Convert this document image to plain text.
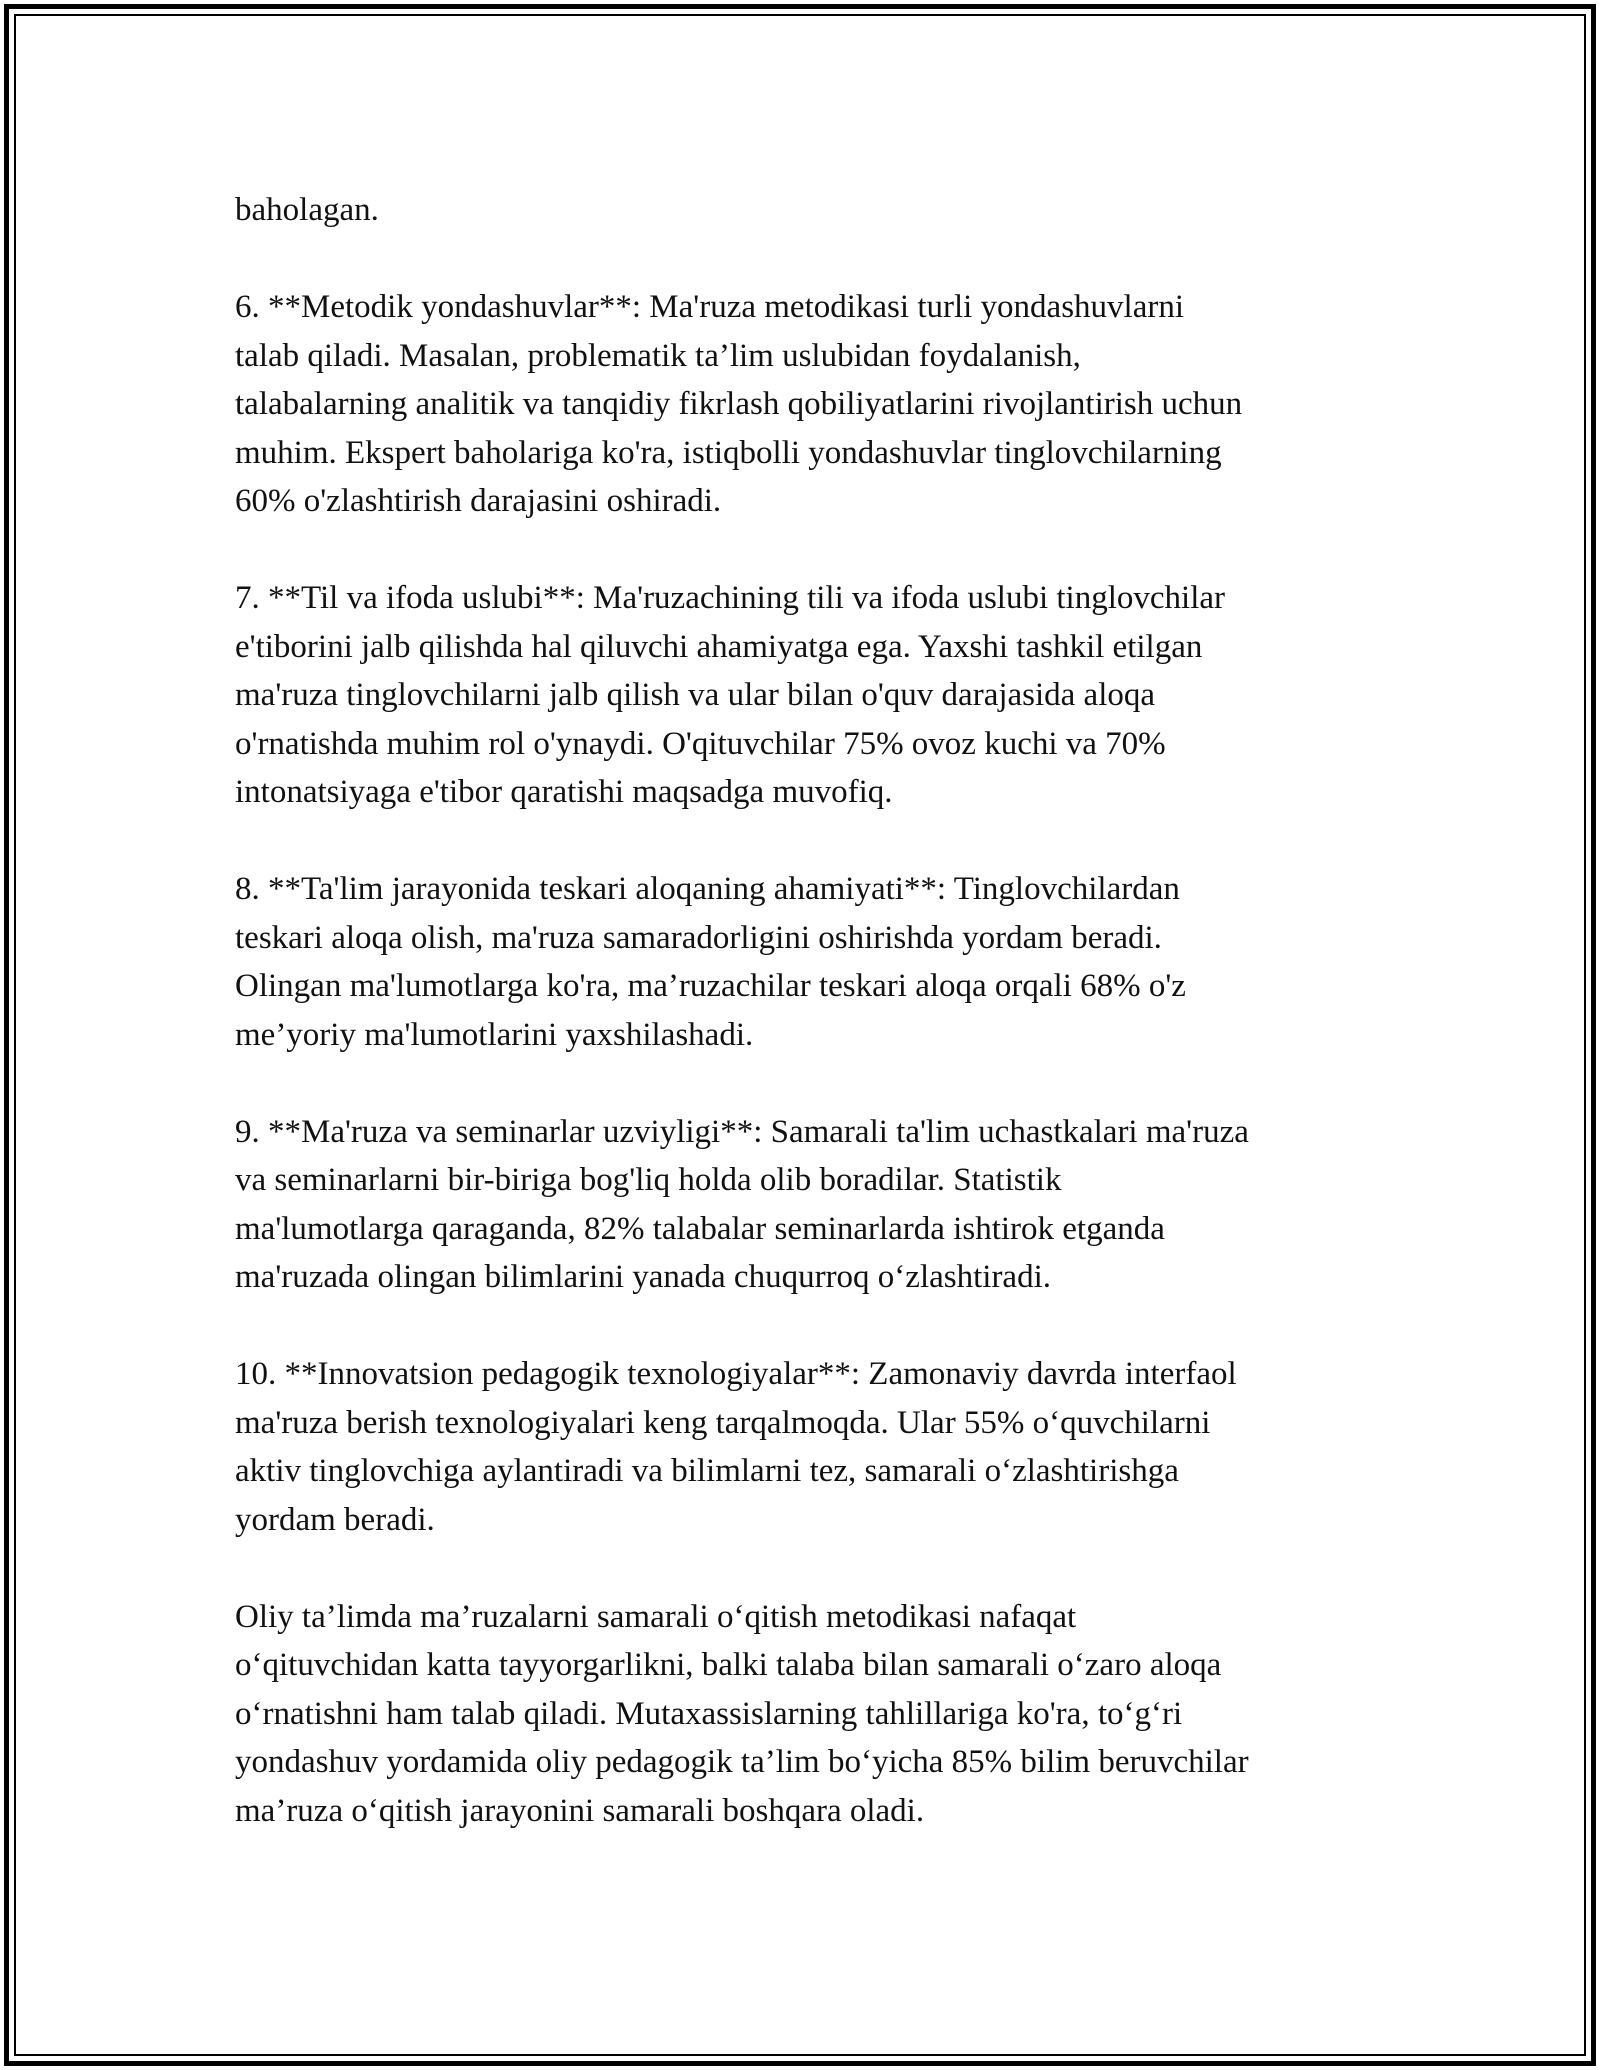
baholagan.

6. **Metodik yondashuvlar**: Ma'ruza metodikasi turli yondashuvlarni
talab qiladi. Masalan, problematik ta’lim uslubidan foydalanish,
talabalarning analitik va tanqidiy fikrlash qobiliyatlarini rivojlantirish uchun
muhim. Ekspert baholariga ko'ra, istiqbolli yondashuvlar tinglovchilarning
60% o'zlashtirish darajasini oshiradi.

7. **Til va ifoda uslubi**: Ma'ruzachining tili va ifoda uslubi tinglovchilar
e'tiborini jalb qilishda hal qiluvchi ahamiyatga ega. Yaxshi tashkil etilgan
ma'ruza tinglovchilarni jalb qilish va ular bilan o'quv darajasida aloqa
o'rnatishda muhim rol o'ynaydi. O'qituvchilar 75% ovoz kuchi va 70%
intonatsiyaga e'tibor qaratishi maqsadga muvofiq.

8. **Ta'lim jarayonida teskari aloqaning ahamiyati**: Tinglovchilardan
teskari aloqa olish, ma'ruza samaradorligini oshirishda yordam beradi.
Olingan ma'lumotlarga ko'ra, ma’ruzachilar teskari aloqa orqali 68% o'z
me’yoriy ma'lumotlarini yaxshilashadi.

9. **Ma'ruza va seminarlar uzviyligi**: Samarali ta'lim uchastkalari ma'ruza
va seminarlarni bir-biriga bog'liq holda olib boradilar. Statistik
ma'lumotlarga qaraganda, 82% talabalar seminarlarda ishtirok etganda
ma'ruzada olingan bilimlarini yanada chuqurroq o‘zlashtiradi.

10. **Innovatsion pedagogik texnologiyalar**: Zamonaviy davrda interfaol
ma'ruza berish texnologiyalari keng tarqalmoqda. Ular 55% o‘quvchilarni
aktiv tinglovchiga aylantiradi va bilimlarni tez, samarali o‘zlashtirishga
yordam beradi.

Oliy ta’limda ma’ruzalarni samarali o‘qitish metodikasi nafaqat
o‘qituvchidan katta tayyorgarlikni, balki talaba bilan samarali o‘zaro aloqa
o‘rnatishni ham talab qiladi. Mutaxassislarning tahlillariga ko'ra, to‘g‘ri
yondashuv yordamida oliy pedagogik ta’lim bo‘yicha 85% bilim beruvchilar
ma’ruza o‘qitish jarayonini samarali boshqara oladi.
